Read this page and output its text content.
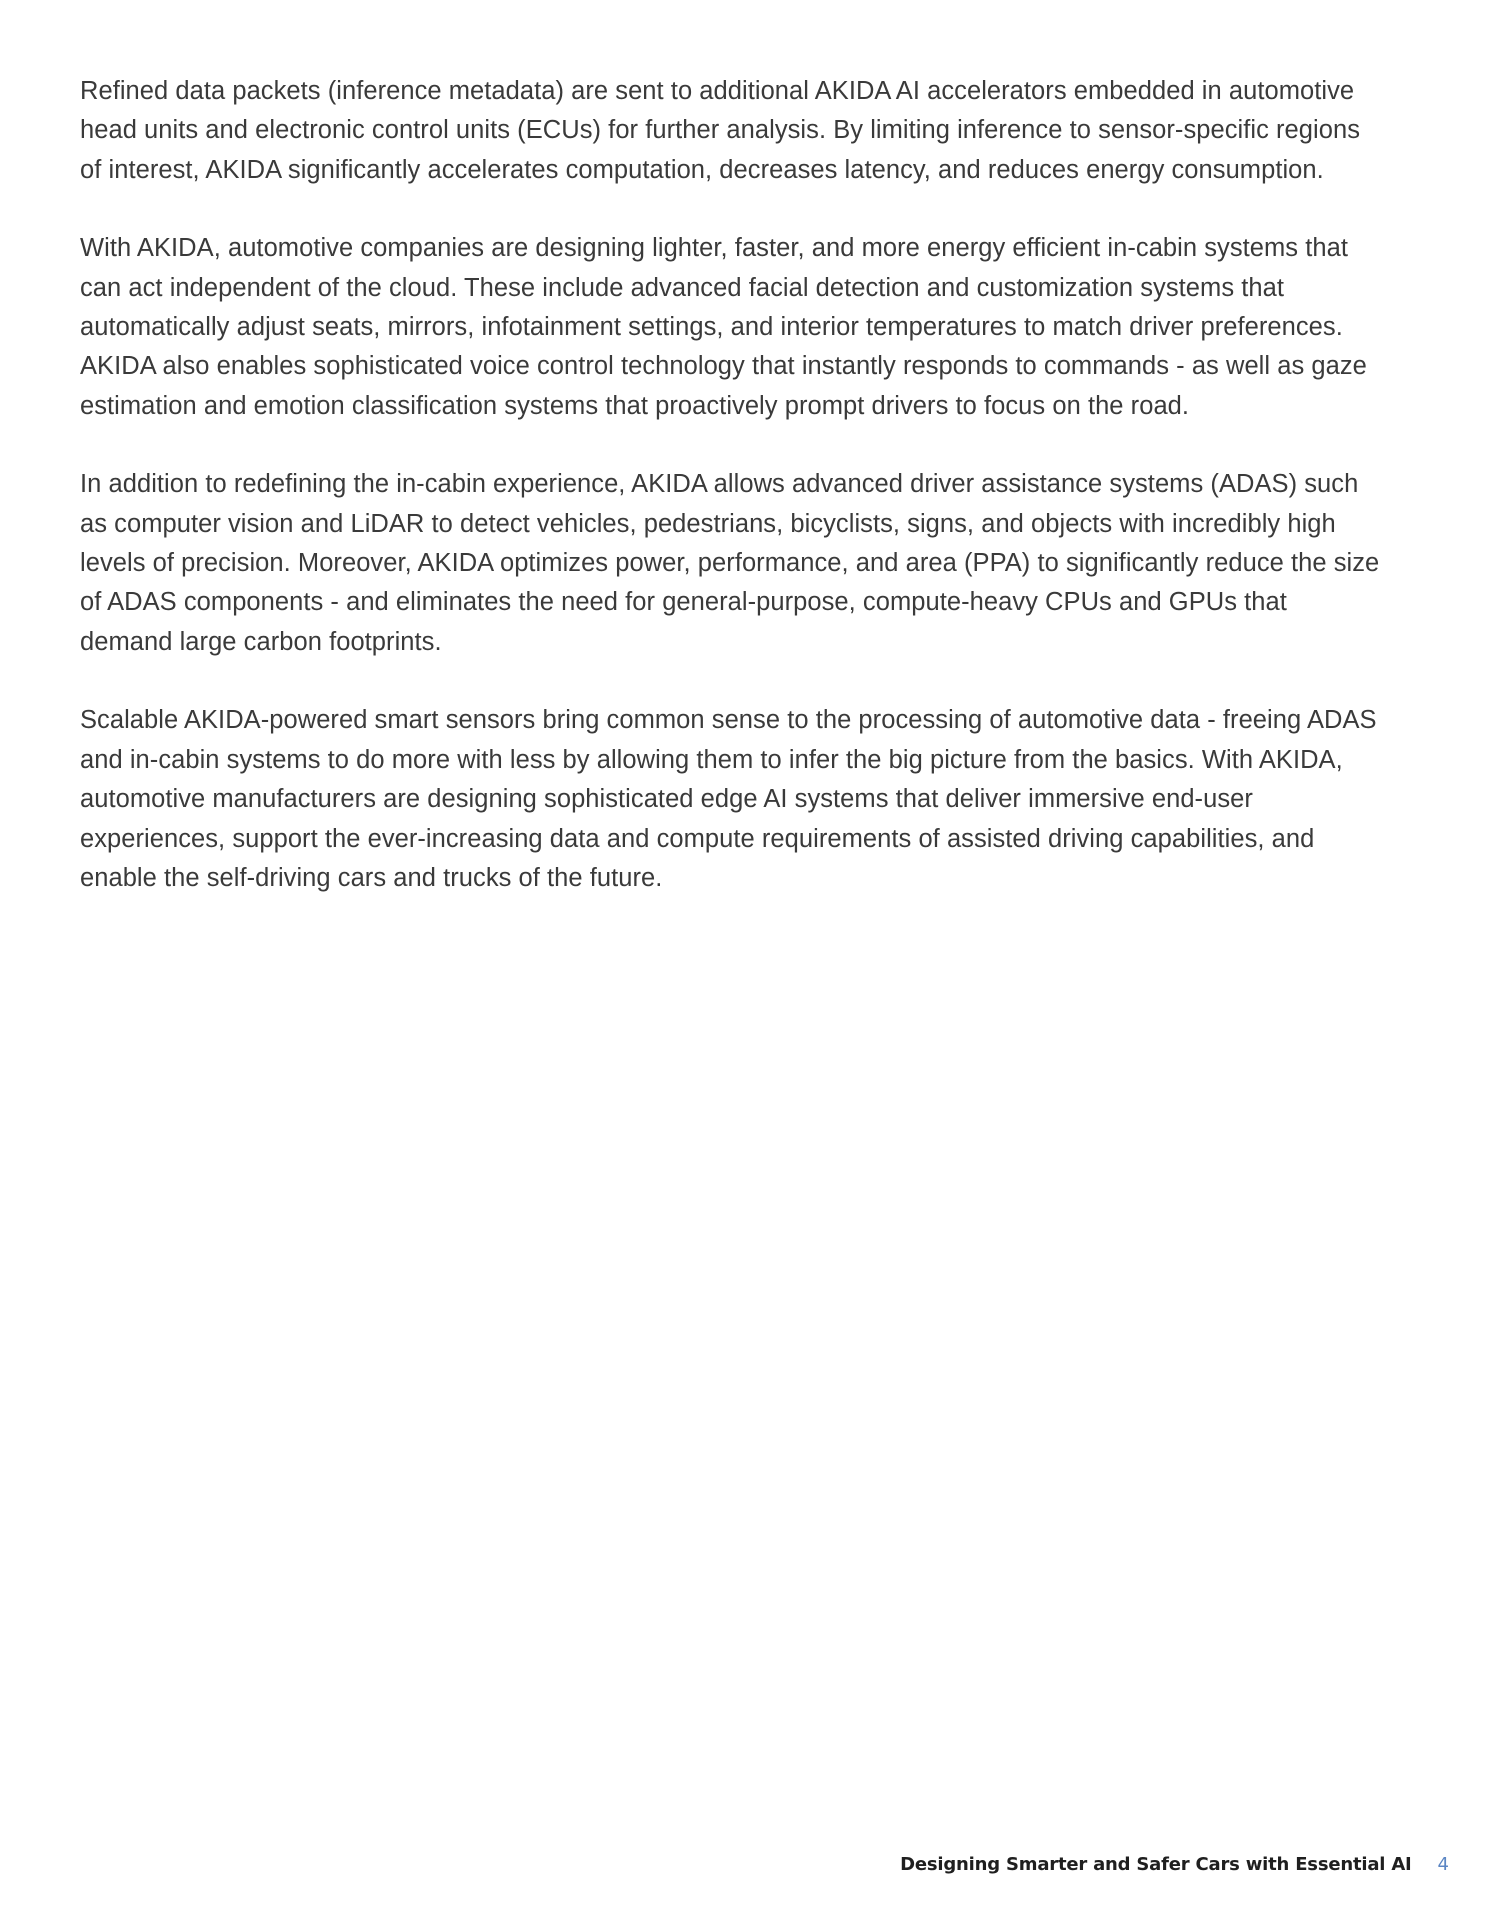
Refined data packets (inference metadata) are sent to additional AKIDA AI accelerators embedded in automotive
head units and electronic control units (ECUs) for further analysis. By limiting inference to sensor-specific regions
of interest, AKIDA significantly accelerates computation, decreases latency, and reduces energy consumption.

With AKIDA, automotive companies are designing lighter, faster, and more energy efficient in-cabin systems that
can act independent of the cloud. These include advanced facial detection and customization systems that
automatically adjust seats, mirrors, infotainment settings, and interior temperatures to match driver preferences.
AKIDA also enables sophisticated voice control technology that instantly responds to commands - as well as gaze
estimation and emotion classification systems that proactively prompt drivers to focus on the road.

In addition to redefining the in-cabin experience, AKIDA allows advanced driver assistance systems (ADAS) such
as computer vision and LiDAR to detect vehicles, pedestrians, bicyclists, signs, and objects with incredibly high
levels of precision. Moreover, AKIDA optimizes power, performance, and area (PPA) to significantly reduce the size
of ADAS components - and eliminates the need for general-purpose, compute-heavy CPUs and GPUs that
demand large carbon footprints.

Scalable AKIDA-powered smart sensors bring common sense to the processing of automotive data - freeing ADAS
and in-cabin systems to do more with less by allowing them to infer the big picture from the basics. With AKIDA,
automotive manufacturers are designing sophisticated edge AI systems that deliver immersive end-user
experiences, support the ever-increasing data and compute requirements of assisted driving capabilities, and
enable the self-driving cars and trucks of the future.

Designing Smarter and Safer Cars with Essential AI 4
